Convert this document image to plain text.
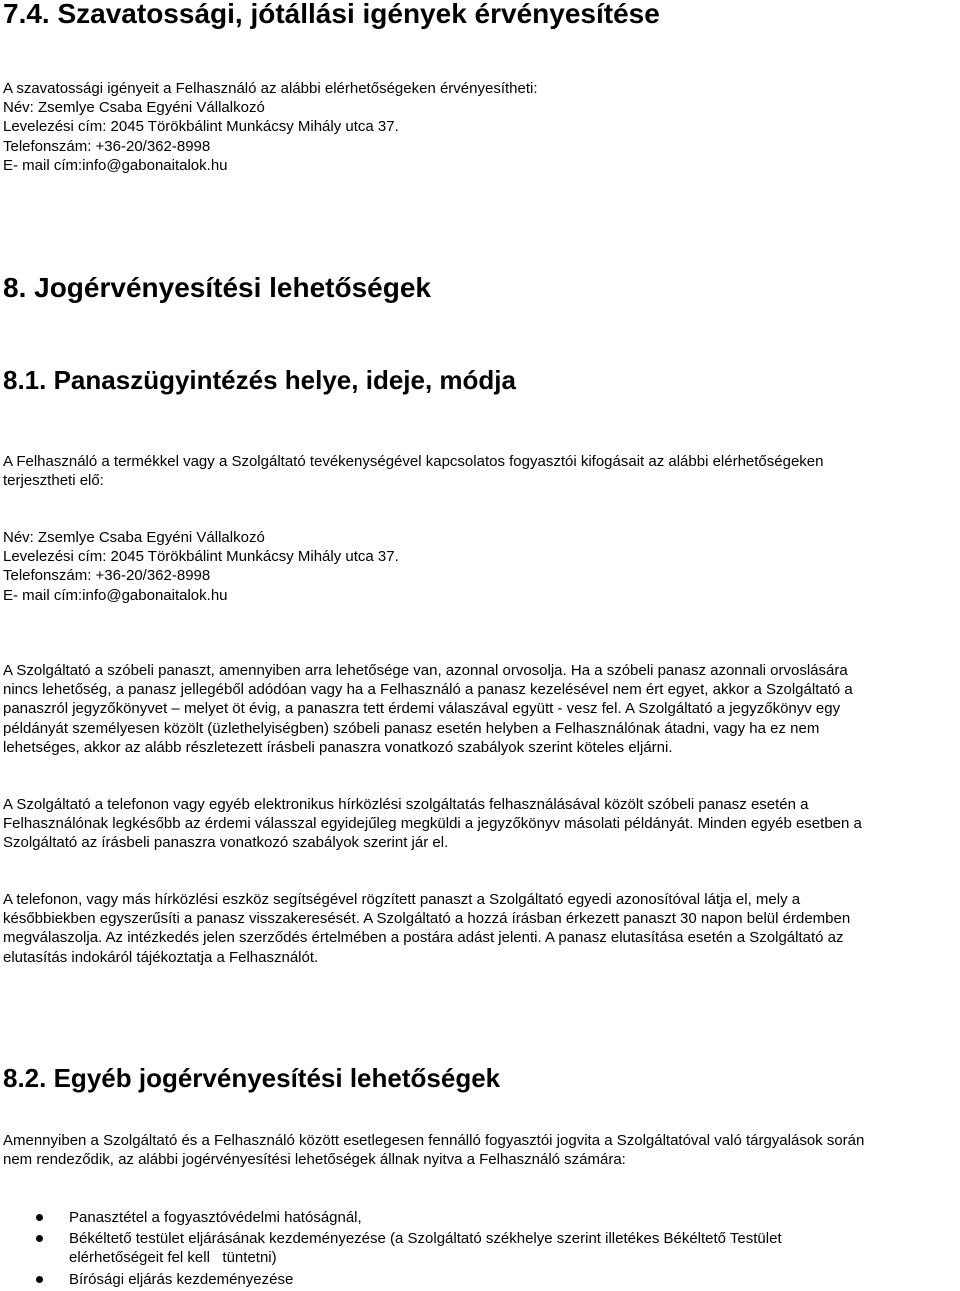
7.4. Szavatossági, jótállási igények érvényesítése
A szavatossági igényeit a Felhasználó az alábbi elérhetőségeken érvényesítheti:
Név: Zsemlye Csaba Egyéni Vállalkozó
Levelezési cím: 2045 Törökbálint Munkácsy Mihály utca 37.
Telefonszám: +36-20/362-8998
E- mail cím:info@gabonaitalok.hu
8. Jogérvényesítési lehetőségek
8.1. Panaszügyintézés helye, ideje, módja
A Felhasználó a termékkel vagy a Szolgáltató tevékenységével kapcsolatos fogyasztói kifogásait az alábbi elérhetőségeken
terjesztheti elő:
Név: Zsemlye Csaba Egyéni Vállalkozó
Levelezési cím: 2045 Törökbálint Munkácsy Mihály utca 37.
Telefonszám: +36-20/362-8998
E- mail cím:info@gabonaitalok.hu
A Szolgáltató a szóbeli panaszt, amennyiben arra lehetősége van, azonnal orvosolja. Ha a szóbeli panasz azonnali orvoslására
nincs lehetőség, a panasz jellegéből adódóan vagy ha a Felhasználó a panasz kezelésével nem ért egyet, akkor a Szolgáltató a
panaszról jegyzőkönyvet – melyet öt évig, a panaszra tett érdemi válaszával együtt - vesz fel. A Szolgáltató a jegyzőkönyv egy
példányát személyesen közölt (üzlethelyiségben) szóbeli panasz esetén helyben a Felhasználónak átadni, vagy ha ez nem
lehetséges, akkor az alább részletezett írásbeli panaszra vonatkozó szabályok szerint köteles eljárni.
A Szolgáltató a telefonon vagy egyéb elektronikus hírközlési szolgáltatás felhasználásával közölt szóbeli panasz esetén a
Felhasználónak legkésőbb az érdemi válasszal egyidejűleg megküldi a jegyzőkönyv másolati példányát. Minden egyéb esetben a
Szolgáltató az írásbeli panaszra vonatkozó szabályok szerint jár el.
A telefonon, vagy más hírközlési eszköz segítségével rögzített panaszt a Szolgáltató egyedi azonosítóval látja el, mely a
későbbiekben egyszerűsíti a panasz visszakeresését. A Szolgáltató a hozzá írásban érkezett panaszt 30 napon belül érdemben
megválaszolja. Az intézkedés jelen szerződés értelmében a postára adást jelenti. A panasz elutasítása esetén a Szolgáltató az
elutasítás indokáról tájékoztatja a Felhasználót.
8.2. Egyéb jogérvényesítési lehetőségek
Amennyiben a Szolgáltató és a Felhasználó között esetlegesen fennálló fogyasztói jogvita a Szolgáltatóval való tárgyalások során
nem rendeződik, az alábbi jogérvényesítési lehetőségek állnak nyitva a Felhasználó számára:
Panasztétel a fogyasztóvédelmi hatóságnál,
Békéltető testület eljárásának kezdeményezése (a Szolgáltató székhelye szerint illetékes Békéltető Testület
elérhetőségeit fel kell   tüntetni)
Bírósági eljárás kezdeményezése
